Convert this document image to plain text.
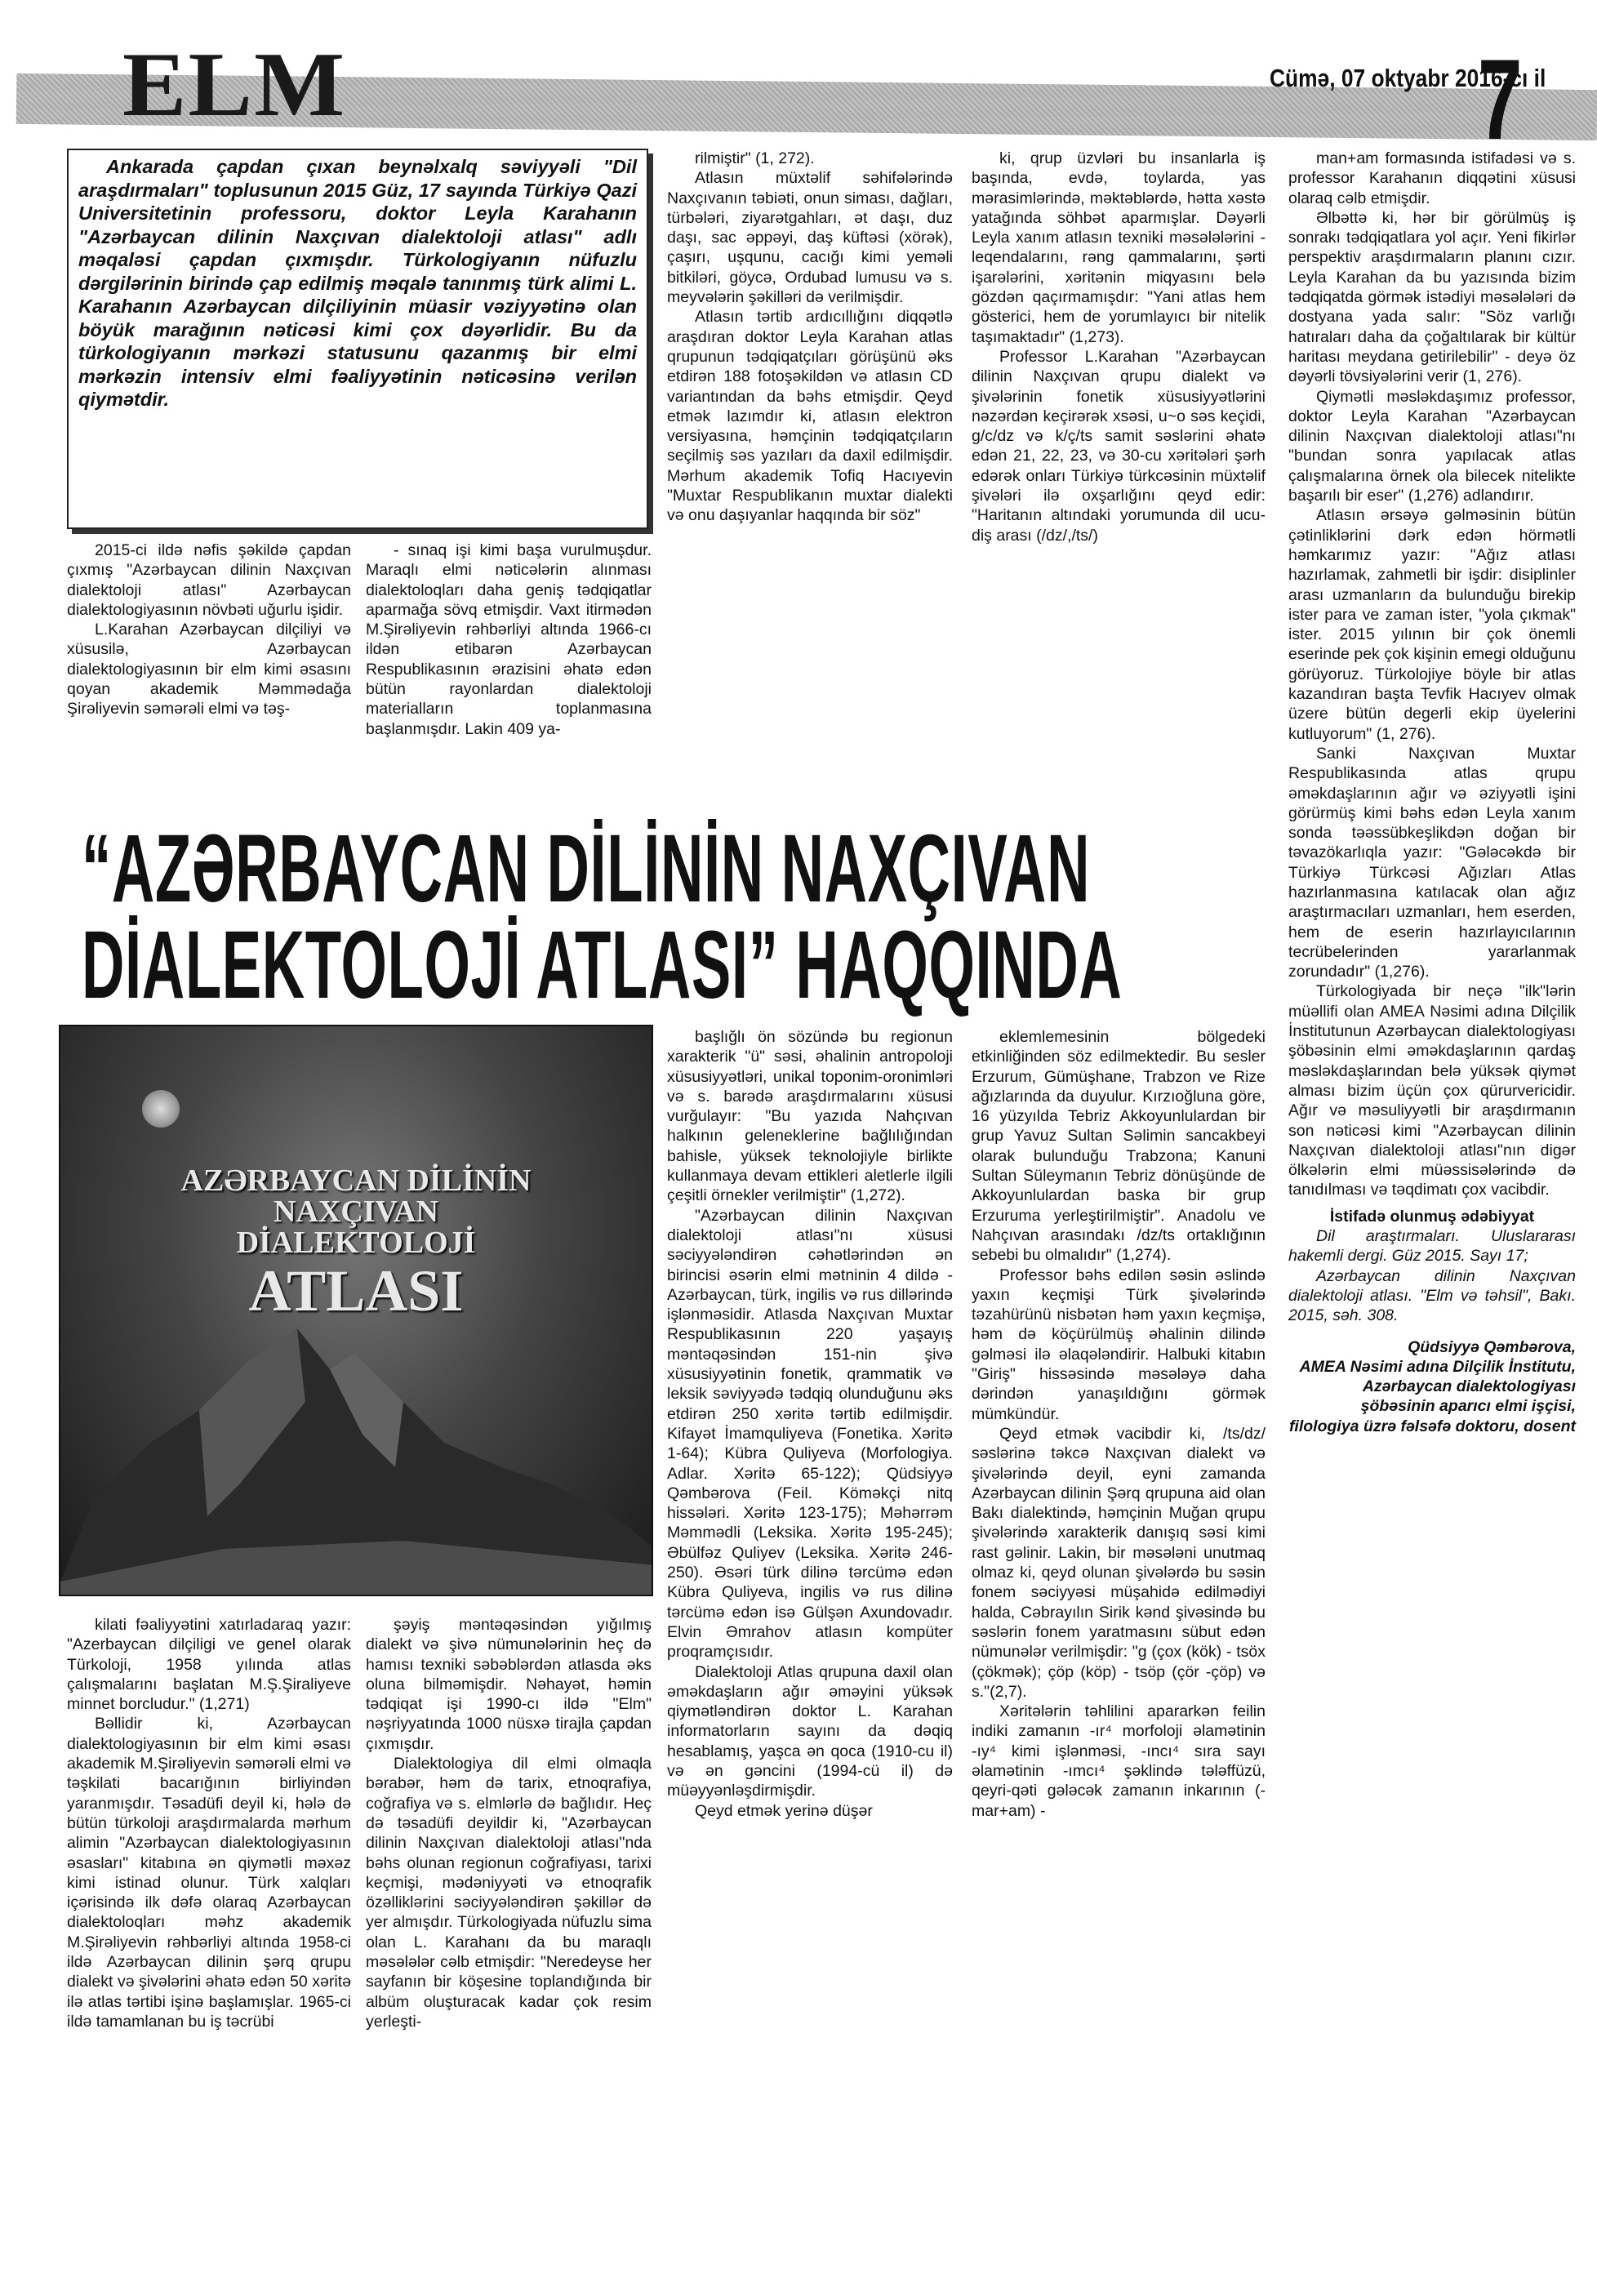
ELM	Cümə, 07 oktyabr 2016-cı il
7

Ankarada çapdan çıxan beynəlxalq səviyyəli "Dil araşdırmaları" toplusunun 2015 Güz, 17 sayında Türkiyə Qazi Universitetinin professoru, doktor Leyla Karahanın "Azərbaycan dilinin Naxçıvan dialektoloji atlası" adlı məqaləsi çapdan çıxmışdır. Türkologiyanın nüfuzlu dərgilərinin birində çap edilmiş məqalə tanınmış türk alimi L. Karahanın Azərbaycan dilçiliyinin müasir vəziyyətinə olan böyük marağının nəticəsi kimi çox dəyərlidir. Bu da türkologiyanın mərkəzi statusunu qazanmış bir elmi mərkəzin intensiv elmi fəaliyyətinin nəticəsinə verilən qiymətdir.

2015-ci ildə nəfis şəkildə çapdan çıxmış "Azərbaycan dilinin Naxçıvan dialektoloji atlası" Azərbaycan dialektologiyasının növbəti uğurlu işidir.

L.Karahan Azərbaycan dilçiliyi və xüsusilə, Azərbaycan dialektologiyasının bir elm kimi əsasını qoyan akademik Məmmədağa Şirəliyevin səmərəli elmi və təş-

- sınaq işi kimi başa vurulmuşdur. Maraqlı elmi nəticələrin alınması dialektoloqları daha geniş tədqiqatlar aparmağa sövq etmişdir. Vaxt itirmədən M.Şirəliyevin rəhbərliyi altında 1966-cı ildən etibarən Azərbaycan Respublikasının ərazisini əhatə edən bütün rayonlardan dialektoloji materialların toplanmasına başlanmışdır. Lakin 409 ya-

rilmiştir" (1, 272).

Atlasın müxtəlif səhifələrində Naxçıvanın təbiəti, onun siması, dağları, türbələri, ziyarətgahları, ət daşı, duz daşı, sac əppəyi, daş küftəsi (xörək), çaşırı, uşqunu, cacığı kimi yeməli bitkiləri, göycə, Ordubad lumusu və s. meyvələrin şəkilləri də verilmişdir.

Atlasın tərtib ardıcıllığını diqqətlə araşdıran doktor Leyla Karahan atlas qrupunun tədqiqatçıları görüşünü əks etdirən 188 fotoşəkildən və atlasın CD variantından da bəhs etmişdir. Qeyd etmək lazımdır ki, atlasın elektron versiyasına, həmçinin tədqiqatçıların seçilmiş səs yazıları da daxil edilmişdir. Mərhum akademik Tofiq Hacıyevin "Muxtar Respublikanın muxtar dialekti və onu daşıyanlar haqqında bir söz"

ki, qrup üzvləri bu insanlarla iş başında, evdə, toylarda, yas mərasimlərində, məktəblərdə, hətta xəstə yatağında söhbət aparmışlar. Dəyərli Leyla xanım atlasın texniki məsələlərini - leqendalarını, rəng qammalarını, şərti işarələrini, xəritənin miqyasını belə gözdən qaçırmamışdır: "Yani atlas hem gösterici, hem de yorumlayıcı bir nitelik taşımaktadır" (1,273).

Professor L.Karahan "Azərbaycan dilinin Naxçıvan qrupu dialekt və şivələrinin fonetik xüsusiyyətlərini nəzərdən keçirərək xsəsi, u~o səs keçidi, g/c/dz və k/ç/ts samit səslərini əhatə edən 21, 22, 23, və 30-cu xəritələri şərh edərək onları Türkiyə türkcəsinin müxtəlif şivələri ilə oxşarlığını qeyd edir: "Haritanın altındaki yorumunda dil ucu-diş arası (/dz/,/ts/)

man+am formasında istifadəsi və s. professor Karahanın diqqətini xüsusi olaraq cəlb etmişdir.

Əlbəttə ki, hər bir görülmüş iş sonrakı tədqiqatlara yol açır. Yeni fikirlər perspektiv araşdırmaların planını cızır. Leyla Karahan da bu yazısında bizim tədqiqatda görmək istədiyi məsələləri də dostyana yada salır: "Söz varlığı hatıraları daha da çoğaltılarak bir kültür haritası meydana getirilebilir" - deyə öz dəyərli tövsiyələrini verir (1, 276).

Qiymətli məsləkdaşımız professor, doktor Leyla Karahan "Azərbaycan dilinin Naxçıvan dialektoloji atlası"nı "bundan sonra yapılacak atlas çalışmalarına örnek ola bilecek nitelikte başarılı bir eser" (1,276) adlandırır.

Atlasın ərsəyə gəlməsinin bütün çətinliklərini dərk edən hörmətli həmkarımız yazır: "Ağız atlası hazırlamak, zahmetli bir işdir: disiplinler arası uzmanların da bulunduğu birekip ister para ve zaman ister, "yola çıkmak" ister. 2015 yılının bir çok önemli eserinde pek çok kişinin emegi olduğunu görüyoruz. Türkolojiye böyle bir atlas kazandıran başta Tevfik Hacıyev olmak üzere bütün degerli ekip üyelerini kutluyorum" (1, 276).

Sanki Naxçıvan Muxtar Respublikasında atlas qrupu əməkdaşlarının ağır və əziyyətli işini görürmüş kimi bəhs edən Leyla xanım sonda təəssübkeşlikdən doğan bir təvazökarlıqla yazır: "Gələcəkdə bir Türkiyə Türkcəsi Ağızları Atlas hazırlanmasına katılacak olan ağız araştırmacıları uzmanları, hem eserden, hem de eserin hazırlayıcılarının tecrübelerinden yararlanmak zorundadır" (1,276).

Türkologiyada bir neçə "ilk"lərin müəllifi olan AMEA Nəsimi adına Dilçilik İnstitutunun Azərbaycan dialektologiyası şöbəsinin elmi əməkdaşlarının qardaş məsləkdaşlarından belə yüksək qiymət alması bizim üçün çox qürurvericidir. Ağır və məsuliyyətli bir araşdırmanın son nəticəsi kimi "Azərbaycan dilinin Naxçıvan dialektoloji atlası"nın digər ölkələrin elmi müəssisələrində də tanıdılması və təqdimatı çox vacibdir.

İstifadə olunmuş ədəbiyyat

Dil araştırmaları. Uluslararası hakemli dergi. Güz 2015. Sayı 17;

Azərbaycan dilinin Naxçıvan dialektoloji atlası. "Elm və təhsil", Bakı. 2015, səh. 308.

Qüdsiyyə Qəmbərova,

AMEA Nəsimi adına Dilçilik İnstitutu,

Azərbaycan dialektologiyası şöbəsinin aparıcı elmi işçisi,

filologiya üzrə fəlsəfə doktoru, dosent

“AZƏRBAYCAN DİLİNİN NAXÇIVAN
DİALEKTOLOJİ ATLASI” HAQQINDA
AZƏRBAYCAN DİLİNİN
NAXÇIVAN
DİALEKTOLOJİ
ATLASI

kilati fəaliyyətini xatırladaraq yazır: "Azerbaycan dilçiligi ve genel olarak Türkoloji, 1958 yılında atlas çalışmalarını başlatan M.Ş.Şiraliyeve minnet borcludur." (1,271)

Bəllidir ki, Azərbaycan dialektologiyasının bir elm kimi əsası akademik M.Şirəliyevin səmərəli elmi və təşkilati bacarığının birliyindən yaranmışdır. Təsadüfi deyil ki, hələ də bütün türkoloji araşdırmalarda mərhum alimin "Azərbaycan dialektologiyasının əsasları" kitabına ən qiymətli məxəz kimi istinad olunur. Türk xalqları içərisində ilk dəfə olaraq Azərbaycan dialektoloqları məhz akademik M.Şirəliyevin rəhbərliyi altında 1958-ci ildə Azərbaycan dilinin şərq qrupu dialekt və şivələrini əhatə edən 50 xəritə ilə atlas tərtibi işinə başlamışlar. 1965-ci ildə tamamlanan bu iş təcrübi

şəyiş məntəqəsindən yığılmış dialekt və şivə nümunələrinin heç də hamısı texniki səbəblərdən atlasda əks oluna bilməmişdir. Nəhayət, həmin tədqiqat işi 1990-cı ildə "Elm" nəşriyyatında 1000 nüsxə tirajla çapdan çıxmışdır.

Dialektologiya dil elmi olmaqla bərabər, həm də tarix, etnoqrafiya, coğrafiya və s. elmlərlə də bağlıdır. Heç də təsadüfi deyildir ki, "Azərbaycan dilinin Naxçıvan dialektoloji atlası"nda bəhs olunan regionun coğrafiyası, tarixi keçmişi, mədəniyyəti və etnoqrafik özəlliklərini səciyyələndirən şəkillər də yer almışdır. Türkologiyada nüfuzlu sima olan L. Karahanı da bu maraqlı məsələlər cəlb etmişdir: "Neredeyse her sayfanın bir köşesine toplandığında bir albüm oluşturacak kadar çok resim yerleşti-

başlığlı ön sözündə bu regionun xarakterik "ü" səsi, əhalinin antropoloji xüsusiyyətləri, unikal toponim-oronimləri və s. barədə araşdırmalarını xüsusi vurğulayır: "Bu yazıda Nahçıvan halkının geleneklerine bağlılığından bahisle, yüksek teknolojiyle birlikte kullanmaya devam ettikleri aletlerle ilgili çeşitli örnekler verilmiştir" (1,272).

"Azərbaycan dilinin Naxçıvan dialektoloji atlası"nı xüsusi səciyyələndirən cəhətlərindən ən birincisi əsərin elmi mətninin 4 dildə - Azərbaycan, türk, ingilis və rus dillərində işlənməsidir. Atlasda Naxçıvan Muxtar Respublikasının 220 yaşayış məntəqəsindən 151-nin şivə xüsusiyyətinin fonetik, qrammatik və leksik səviyyədə tədqiq olunduğunu əks etdirən 250 xəritə tərtib edilmişdir. Kifayət İmamquliyeva (Fonetika. Xəritə 1-64); Kübra Quliyeva (Morfologiya. Adlar. Xəritə 65-122); Qüdsiyyə Qəmbərova (Feil. Köməkçi nitq hissələri. Xəritə 123-175); Məhərrəm Məmmədli (Leksika. Xəritə 195-245); Əbülfəz Quliyev (Leksika. Xəritə 246-250). Əsəri türk dilinə tərcümə edən Kübra Quliyeva, ingilis və rus dilinə tərcümə edən isə Gülşən Axundovadır. Elvin Əmrahov atlasın kompüter proqramçısıdır.

Dialektoloji Atlas qrupuna daxil olan əməkdaşların ağır əməyini yüksək qiymətləndirən doktor L. Karahan informatorların sayını da dəqiq hesablamış, yaşca ən qoca (1910-cu il) və ən gəncini (1994-cü il) də müəyyənləşdirmişdir.

Qeyd etmək yerinə düşər

eklemlemesinin bölgedeki etkinliğinden söz edilmektedir. Bu sesler Erzurum, Gümüşhane, Trabzon ve Rize ağızlarında da duyulur. Kırzıoğluna göre, 16 yüzyılda Tebriz Akkoyunlulardan bir grup Yavuz Sultan Səlimin sancakbeyi olarak bulunduğu Trabzona; Kanuni Sultan Süleymanın Tebriz dönüşünde de Akkoyunlulardan baska bir grup Erzuruma yerleştirilmiştir". Anadolu ve Nahçıvan arasındakı /dz/ts ortaklığının sebebi bu olmalıdır" (1,274).

Professor bəhs edilən səsin əslində yaxın keçmişi Türk şivələrində təzahürünü nisbətən həm yaxın keçmişə, həm də köçürülmüş əhalinin dilində gəlməsi ilə əlaqələndirir. Halbuki kitabın "Giriş" hissəsində məsələyə daha dərindən yanaşıldığını görmək mümkündür.

Qeyd etmək vacibdir ki, /ts/dz/ səslərinə təkcə Naxçıvan dialekt və şivələrində deyil, eyni zamanda Azərbaycan dilinin Şərq qrupuna aid olan Bakı dialektində, həmçinin Muğan qrupu şivələrində xarakterik danışıq səsi kimi rast gəlinir. Lakin, bir məsələni unutmaq olmaz ki, qeyd olunan şivələrdə bu səsin fonem səciyyəsi müşahidə edilmədiyi halda, Cəbrayılın Sirik kənd şivəsində bu səslərin fonem yaratmasını sübut edən nümunələr verilmişdir: "g (çox (kök) - tsöx (çökmək); çöp (köp) - tsöp (çör -çöp) və s."(2,7).

Xəritələrin təhlilini apararkən feilin indiki zamanın -ır⁴ morfoloji əlamətinin -ıy⁴ kimi işlənməsi, -ıncı⁴ sıra sayı əlamətinin -ımcı⁴ şəklində tələffüzü, qeyri-qəti gələcək zamanın inkarının (-mar+am) -
